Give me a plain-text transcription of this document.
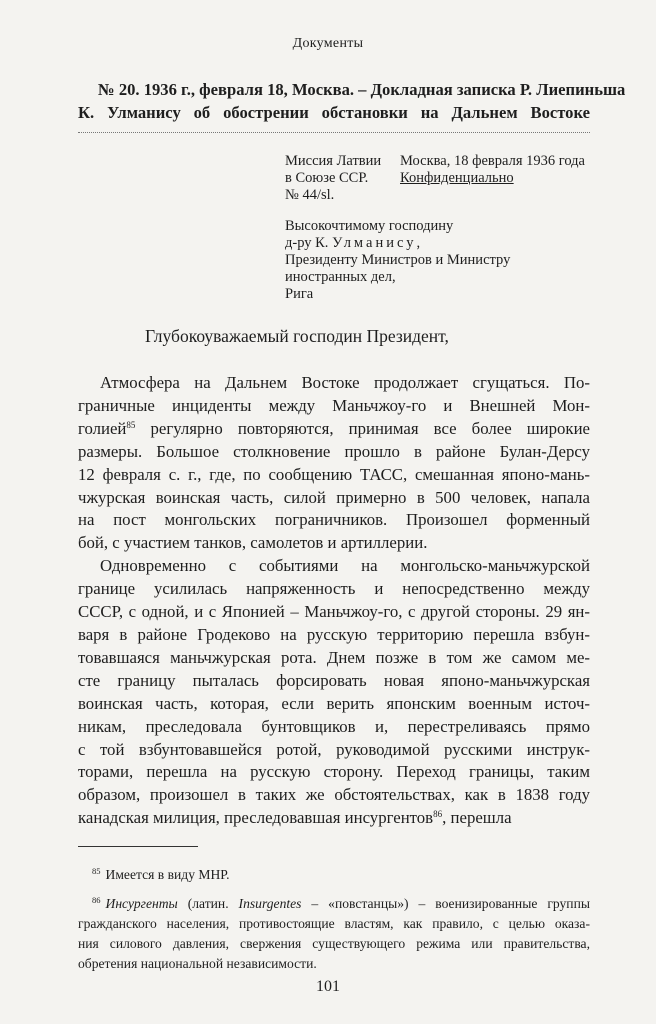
Документы
№ 20. 1936 г., февраля 18, Москва. – Докладная записка Р. Лиепиньша
К. Улманису об обострении обстановки на Дальнем Востоке
Миссия Латвии
в Союзе ССР.
№ 44/sl.
Москва, 18 февраля 1936 года
Конфиденциально
Высокочтимому господину
д-ру К. Улманису,
Президенту Министров и Министру
иностранных дел,
Рига
Глубокоуважаемый господин Президент,
Атмосфера на Дальнем Востоке продолжает сгущаться. По-
граничные инциденты между Маньчжоу-го и Внешней Мон-
голией$^{85}$ регулярно повторяются, принимая все более широкие
размеры. Большое столкновение прошло в районе Булан-Дерсу
12 февраля с. г., где, по сообщению ТАСС, смешанная японо-мань-
чжурская воинская часть, силой примерно в 500 человек, напала
на пост монгольских пограничников. Произошел форменный
бой, с участием танков, самолетов и артиллерии.
Одновременно с событиями на монгольско-маньчжурской
границе усилилась напряженность и непосредственно между
СССР, с одной, и с Японией – Маньчжоу-го, с другой стороны. 29 ян-
варя в районе Гродеково на русскую территорию перешла взбун-
товавшаяся маньчжурская рота. Днем позже в том же самом ме-
сте границу пыталась форсировать новая японо-маньчжурская
воинская часть, которая, если верить японским военным источ-
никам, преследовала бунтовщиков и, перестреливаясь прямо
с той взбунтовавшейся ротой, руководимой русскими инструк-
торами, перешла на русскую сторону. Переход границы, таким
образом, произошел в таких же обстоятельствах, как в 1838 году
канадская милиция, преследовавшая инсургентов$^{86}$, перешла
$^{85}$ Имеется в виду МНР.
$^{86}$ Инсургенты (латин. Insurgentes – «повстанцы») – военизированные группы
гражданского населения, противостоящие властям, как правило, с целью оказа-
ния силового давления, свержения существующего режима или правительства,
обретения национальной независимости.
101
